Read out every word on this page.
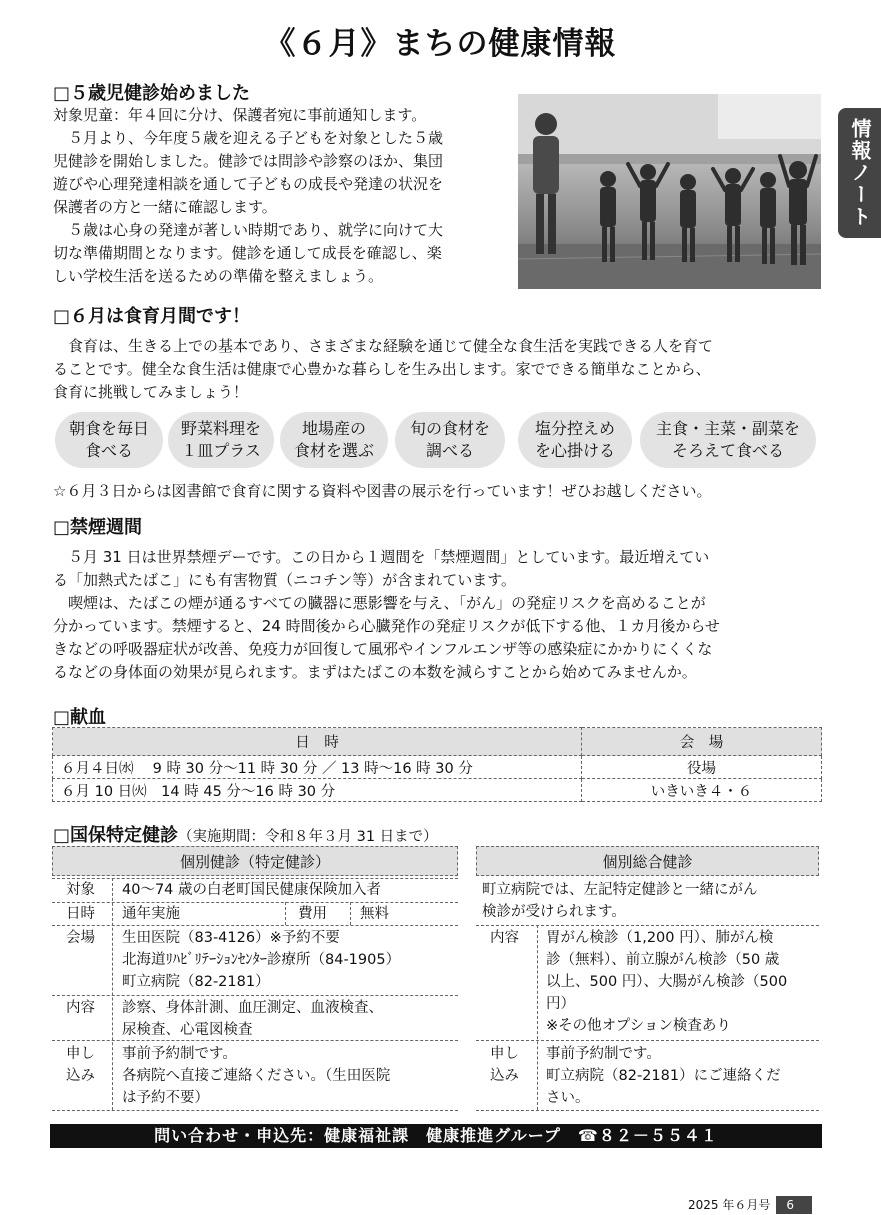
《６月》まちの健康情報
情報ノート
□５歳児健診始めました
対象児童：年４回に分け、保護者宛に事前通知します。
　５月より、今年度５歳を迎える子どもを対象とした５歳
児健診を開始しました。健診では問診や診察のほか、集団
遊びや心理発達相談を通して子どもの成長や発達の状況を
保護者の方と一緒に確認します。
　５歳は心身の発達が著しい時期であり、就学に向けて大
切な準備期間となります。健診を通して成長を確認し、楽
しい学校生活を送るための準備を整えましょう。
□６月は食育月間です！
　食育は、生きる上での基本であり、さまざまな経験を通じて健全な食生活を実践できる人を育て
ることです。健全な食生活は健康で心豊かな暮らしを生み出します。家でできる簡単なことから、
食育に挑戦してみましょう！
朝食を毎日
食べる
野菜料理を
１皿プラス
地場産の
食材を選ぶ
旬の食材を
調べる
塩分控えめ
を心掛ける
主食・主菜・副菜を
そろえて食べる
☆６月３日からは図書館で食育に関する資料や図書の展示を行っています！ぜひお越しください。
□禁煙週間
　５月 31 日は世界禁煙デーです。この日から１週間を「禁煙週間」としています。最近増えてい
る「加熱式たばこ」にも有害物質（ニコチン等）が含まれています。
　喫煙は、たばこの煙が通るすべての臓器に悪影響を与え、「がん」の発症リスクを高めることが
分かっています。禁煙すると、24 時間後から心臓発作の発症リスクが低下する他、１カ月後からせ
きなどの呼吸器症状が改善、免疫力が回復して風邪やインフルエンザ等の感染症にかかりにくくな
るなどの身体面の効果が見られます。まずはたばこの本数を減らすことから始めてみませんか。
□献血
日　時	会　場
６月４日㈬　 9 時 30 分～11 時 30 分 ／ 13 時～16 時 30 分	役場
６月 10 日㈫　14 時 45 分～16 時 30 分	いきいき４・６
□国保特定健診（実施期間：令和８年３月 31 日まで）
個別健診（特定健診）
対象 40～74 歳の白老町国民健康保険加入者
日時 通年実施	費用 無料
会場 生田医院（83-4126）※予約不要
北海道ﾘﾊﾋﾞﾘﾃｰｼｮﾝｾﾝﾀｰ診療所（84-1905）
町立病院（82-2181）
内容 診察、身体計測、血圧測定、血液検査、
尿検査、心電図検査
申し
込み
事前予約制です。
各病院へ直接ご連絡ください。（生田医院
は予約不要）
個別総合健診
町立病院では、左記特定健診と一緒にがん
検診が受けられます。
内容 胃がん検診（1,200 円）、肺がん検
診（無料）、前立腺がん検診（50 歳
以上、500 円）、大腸がん検診（500
円）
※その他オプション検査あり
申し
込み
事前予約制です。
町立病院（82-2181）にご連絡くだ
さい。
問い合わせ・申込先：健康福祉課　健康推進グループ　☎８２－５５４１
2025 年６月号 6
